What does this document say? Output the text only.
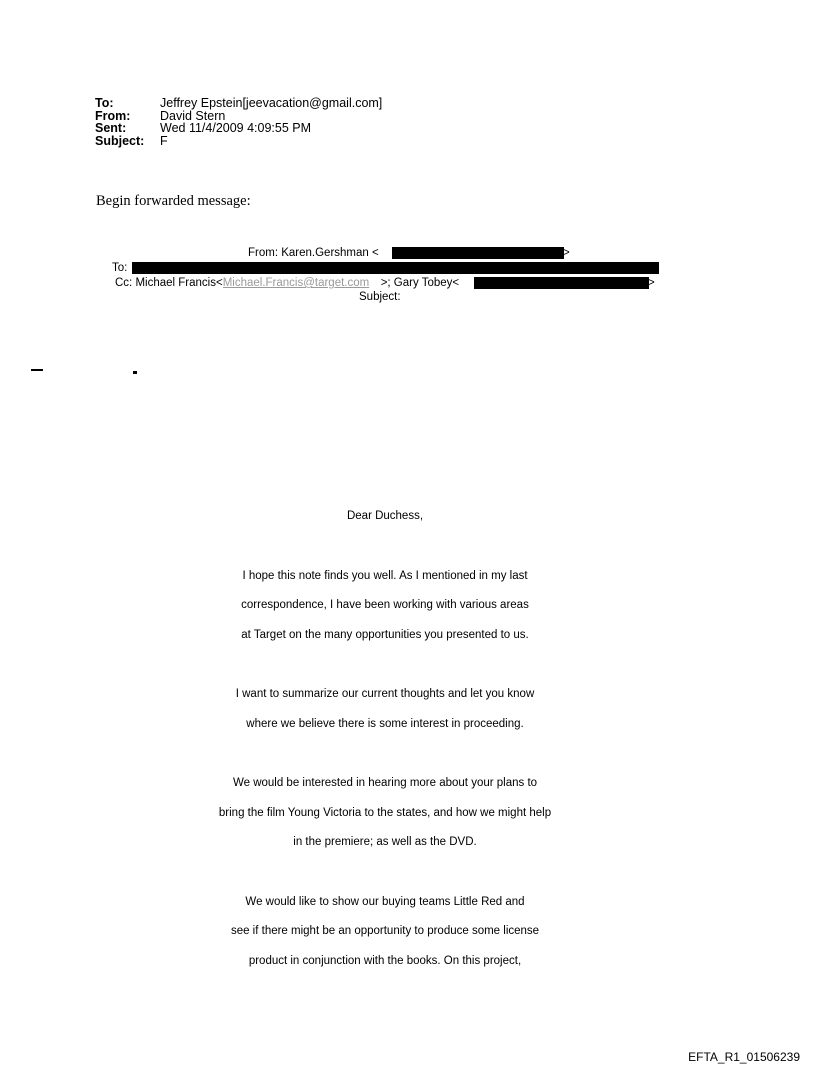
To:	Jeffrey Epstein[jeevacation@gmail.com]
From:	David Stern
Sent:	Wed 11/4/2009 4:09:55 PM
Subject:	F
Begin forwarded message:
From: Karen.Gershman <	>
To:
Cc: Michael Francis<Michael.Francis@target.com >; Gary Tobey<	>
Subject:

Dear Duchess,

I hope this note finds you well. As I mentioned in my last

correspondence, I have been working with various areas

at Target on the many opportunities you presented to us.

I want to summarize our current thoughts and let you know

where we believe there is some interest in proceeding.

We would be interested in hearing more about your plans to

bring the film Young Victoria to the states, and how we might help

in the premiere; as well as the DVD.

We would like to show our buying teams Little Red and

see if there might be an opportunity to produce some license

product in conjunction with the books. On this project,

EFTA_R1_01506239
